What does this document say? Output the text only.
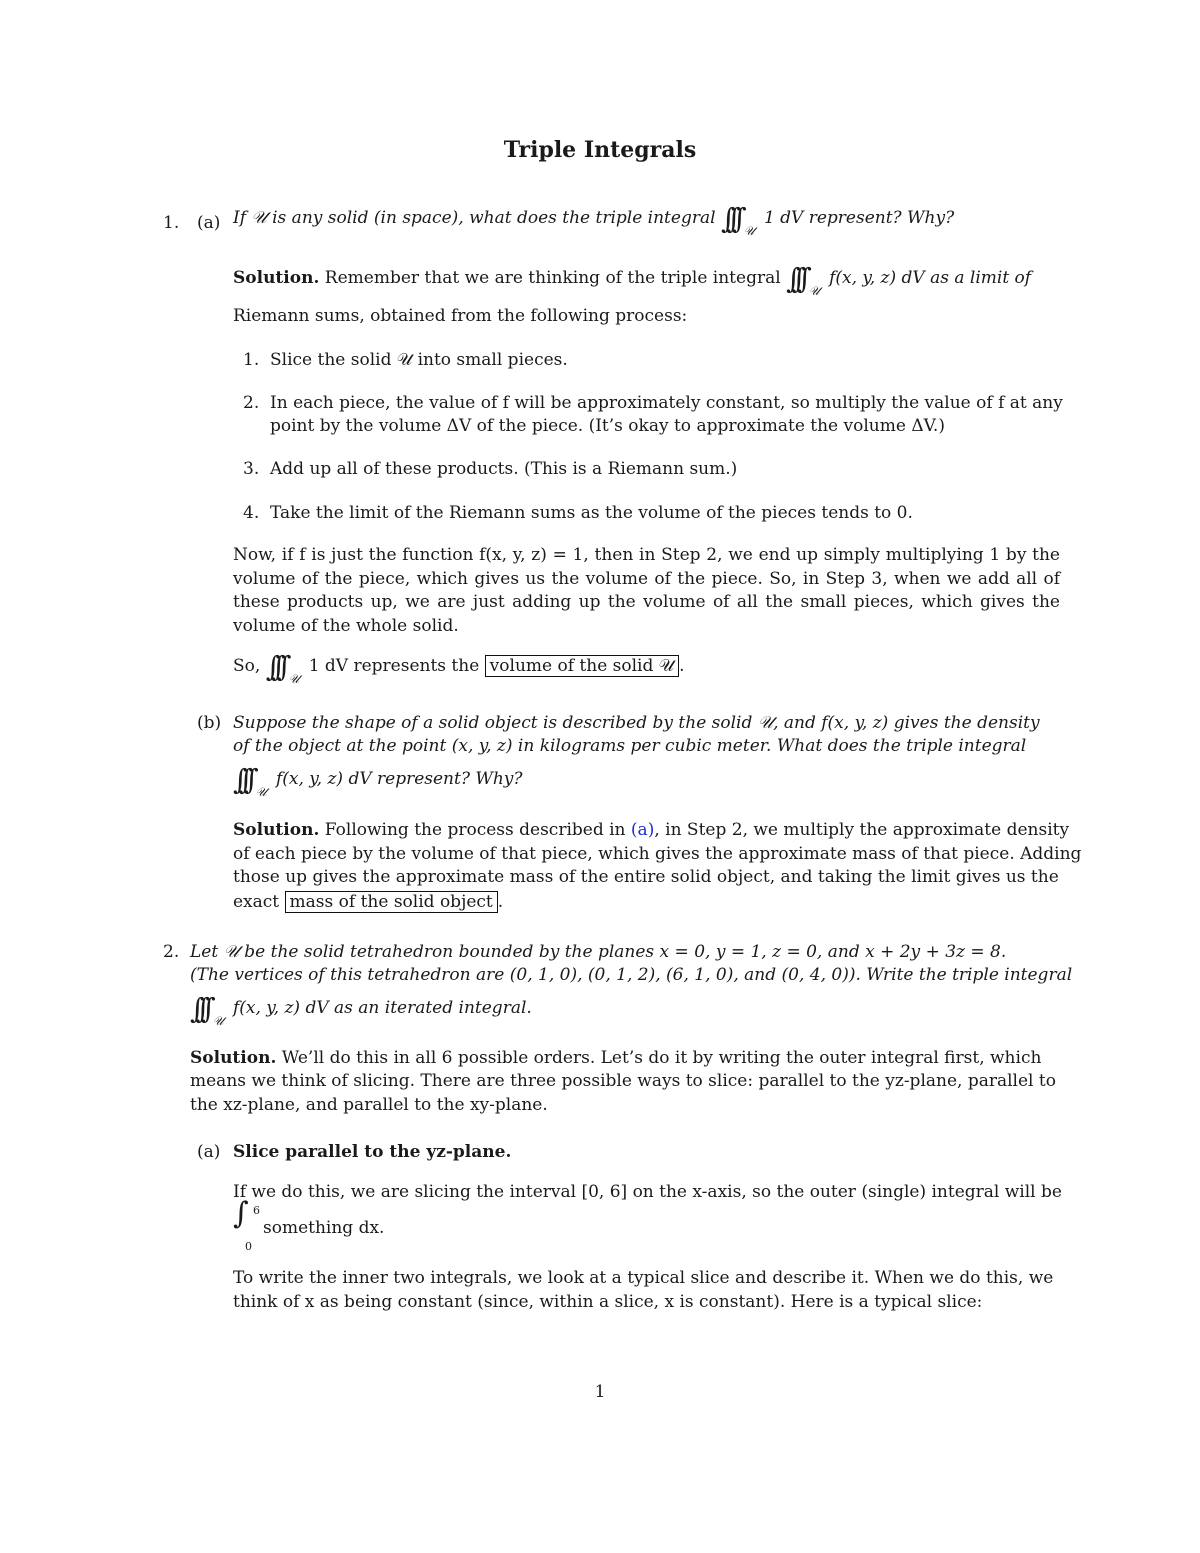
Triple Integrals
1. (a) If 𝒰 is any solid (in space), what does the triple integral ∫∫∫ $_𝒰$ 1 dV represent? Why?
Solution. Remember that we are thinking of the triple integral ∫∫∫ $_𝒰$ f(x, y, z) dV as a limit of
Riemann sums, obtained from the following process:
1. Slice the solid 𝒰 into small pieces.
2. In each piece, the value of f will be approximately constant, so multiply the value of f at any
point by the volume ΔV of the piece. (It’s okay to approximate the volume ΔV.)
3. Add up all of these products. (This is a Riemann sum.)
4. Take the limit of the Riemann sums as the volume of the pieces tends to 0.
Now, if f is just the function f(x, y, z) = 1, then in Step 2, we end up simply multiplying 1 by the volume of the piece, which gives us the volume of the piece. So, in Step 3, when we add all of these products up, we are just adding up the volume of all the small pieces, which gives the volume of the whole solid.
So, ∫∫∫ $_𝒰$ 1 dV represents the volume of the solid 𝒰 .
(b) Suppose the shape of a solid object is described by the solid 𝒰, and f(x, y, z) gives the density
of the object at the point (x, y, z) in kilograms per cubic meter. What does the triple integral
∫∫∫ $_𝒰$ f(x, y, z) dV represent? Why?
Solution. Following the process described in (a), in Step 2, we multiply the approximate density
of each piece by the volume of that piece, which gives the approximate mass of that piece. Adding
those up gives the approximate mass of the entire solid object, and taking the limit gives us the
exact mass of the solid object .
2. Let 𝒰 be the solid tetrahedron bounded by the planes x = 0, y = 1, z = 0, and x + 2y + 3z = 8.
(The vertices of this tetrahedron are (0, 1, 0), (0, 1, 2), (6, 1, 0), and (0, 4, 0)). Write the triple integral
∫∫∫ $_𝒰$ f(x, y, z) dV as an iterated integral.
Solution. We’ll do this in all 6 possible orders. Let’s do it by writing the outer integral first, which
means we think of slicing. There are three possible ways to slice: parallel to the yz-plane, parallel to
the xz-plane, and parallel to the xy-plane.
(a) Slice parallel to the yz-plane.
If we do this, we are slicing the interval [0, 6] on the x-axis, so the outer (single) integral will be
∫ 6
0
something dx.
To write the inner two integrals, we look at a typical slice and describe it. When we do this, we
think of x as being constant (since, within a slice, x is constant). Here is a typical slice:
1
